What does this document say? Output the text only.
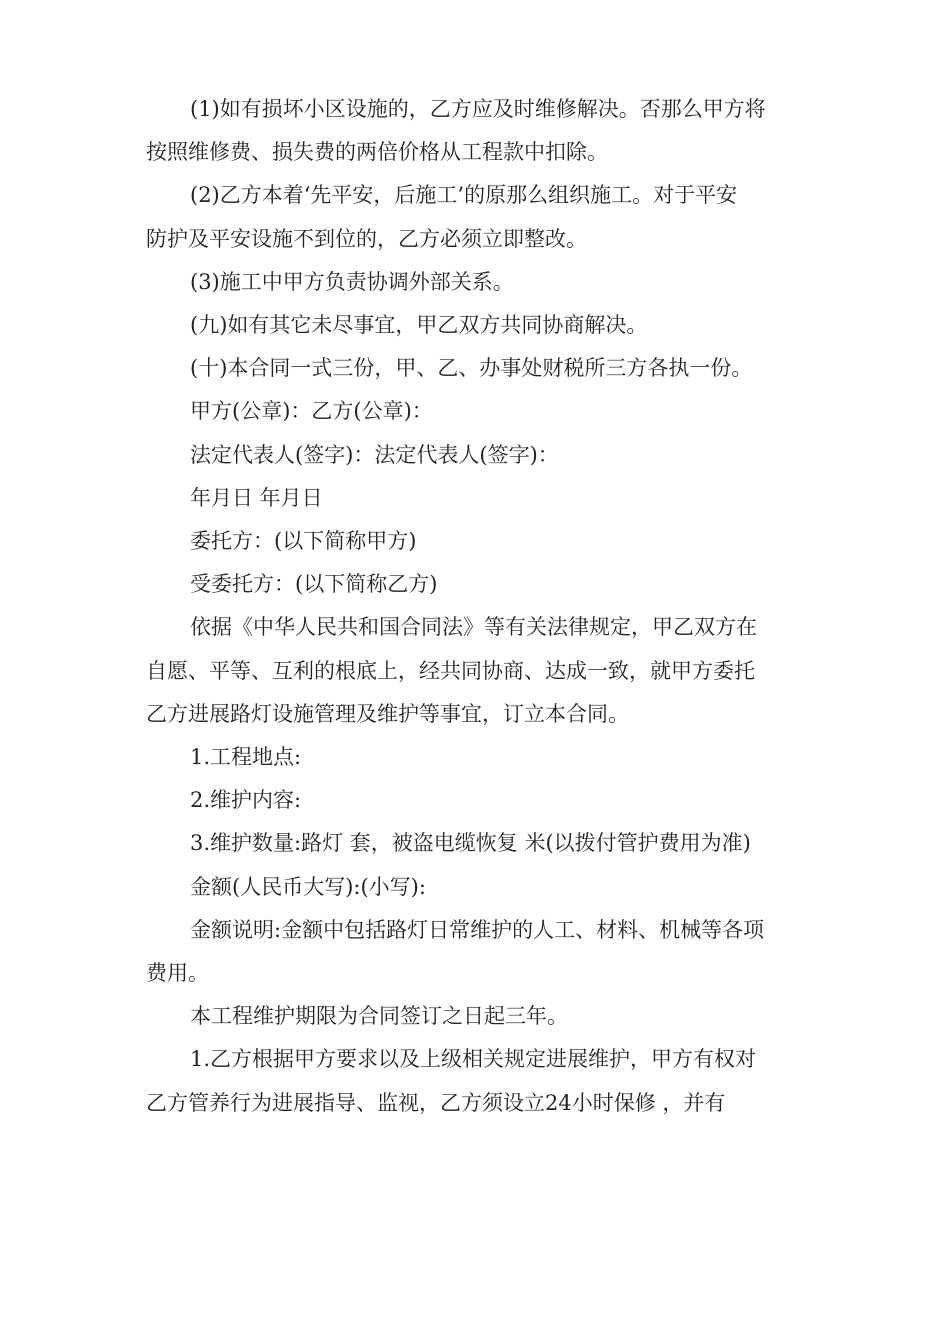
(1)如有损坏小区设施的，乙方应及时维修解决。否那么甲方将

按照维修费、损失费的两倍价格从工程款中扣除。

(2)乙方本着‘先平安，后施工’的原那么组织施工。对于平安

防护及平安设施不到位的，乙方必须立即整改。

(3)施工中甲方负责协调外部关系。

(九)如有其它未尽事宜，甲乙双方共同协商解决。

(十)本合同一式三份，甲、乙、办事处财税所三方各执一份。

甲方(公章)：乙方(公章)：

法定代表人(签字)：法定代表人(签字)：

年月日 年月日

委托方：(以下简称甲方)

受委托方：(以下简称乙方)

依据《中华人民共和国合同法》等有关法律规定，甲乙双方在

自愿、平等、互利的根底上，经共同协商、达成一致，就甲方委托

乙方进展路灯设施管理及维护等事宜，订立本合同。

1.工程地点:

2.维护内容:

3.维护数量:路灯 套，被盗电缆恢复 米(以拨付管护费用为准)

金额(人民币大写):(小写):

金额说明:金额中包括路灯日常维护的人工、材料、机械等各项

费用。

本工程维护期限为合同签订之日起三年。

1.乙方根据甲方要求以及上级相关规定进展维护，甲方有权对

乙方管养行为进展指导、监视，乙方须设立24小时保修 ，并有
